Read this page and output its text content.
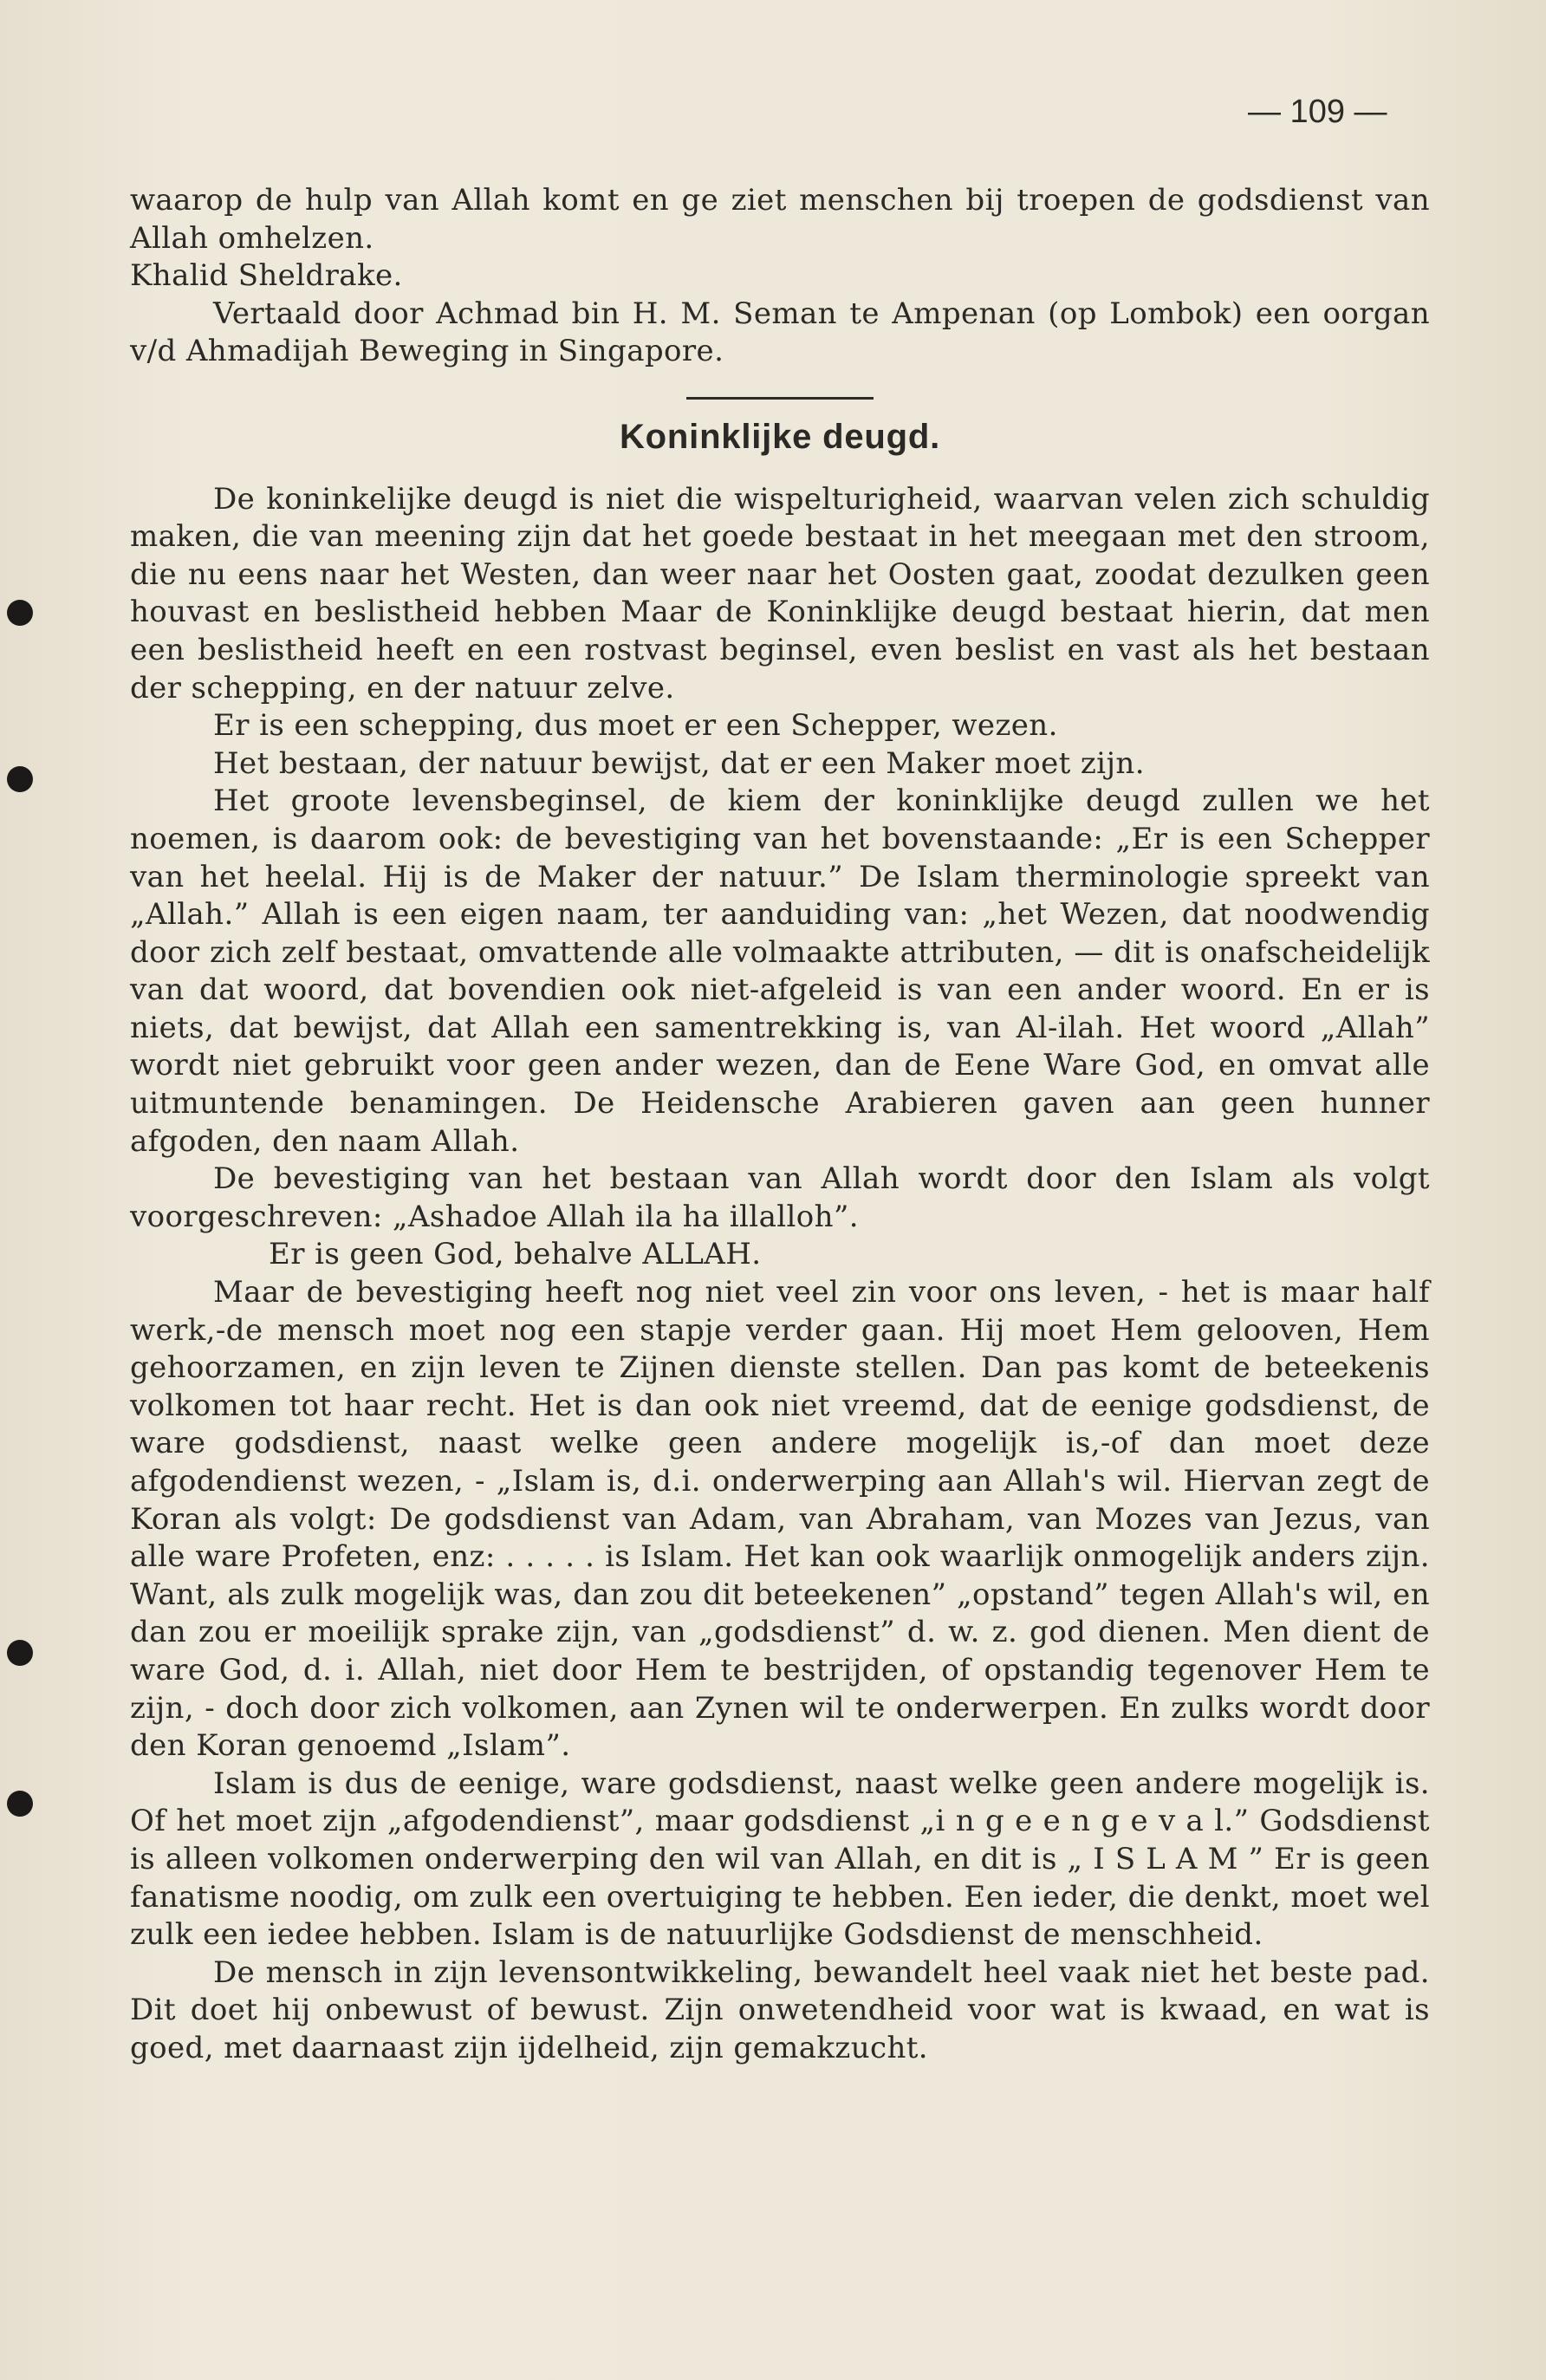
— 109 —

waarop de hulp van Allah komt en ge ziet menschen bij troepen de godsdienst van Allah omhelzen.

Khalid Sheldrake.

Vertaald door Achmad bin H. M. Seman te Ampenan (op Lombok) een oorgan v/d Ahmadijah Beweging in Singapore.

Koninklijke deugd.

De koninkelijke deugd is niet die wispelturigheid, waarvan velen zich schuldig maken, die van meening zijn dat het goede bestaat in het meegaan met den stroom, die nu eens naar het Westen, dan weer naar het Oosten gaat, zoodat dezulken geen houvast en beslistheid hebben Maar de Koninklijke deugd bestaat hierin, dat men een beslistheid heeft en een rostvast beginsel, even beslist en vast als het bestaan der schepping, en der natuur zelve.

Er is een schepping, dus moet er een Schepper, wezen.

Het bestaan, der natuur bewijst, dat er een Maker moet zijn.

Het groote levensbeginsel, de kiem der koninklijke deugd zullen we het noemen, is daarom ook: de bevestiging van het bovenstaande: „Er is een Schepper van het heelal. Hij is de Maker der natuur.” De Islam therminologie spreekt van „Allah.” Allah is een eigen naam, ter aanduiding van: „het Wezen, dat noodwendig door zich zelf bestaat, omvattende alle volmaakte attributen, — dit is onafscheidelijk van dat woord, dat bovendien ook niet-afgeleid is van een ander woord. En er is niets, dat bewijst, dat Allah een samentrekking is, van Al-ilah. Het woord „Allah” wordt niet gebruikt voor geen ander wezen, dan de Eene Ware God, en omvat alle uitmuntende benamingen. De Heidensche Arabieren gaven aan geen hunner afgoden, den naam Allah.

De bevestiging van het bestaan van Allah wordt door den Islam als volgt voorgeschreven: „Ashadoe Allah ila ha illalloh”.

Er is geen God, behalve ALLAH.

Maar de bevestiging heeft nog niet veel zin voor ons leven, - het is maar half werk,-de mensch moet nog een stapje verder gaan. Hij moet Hem gelooven, Hem gehoorzamen, en zijn leven te Zijnen dienste stellen. Dan pas komt de beteekenis volkomen tot haar recht. Het is dan ook niet vreemd, dat de eenige godsdienst, de ware godsdienst, naast welke geen andere mogelijk is,-of dan moet deze afgodendienst wezen, - „Islam is, d.i. onderwerping aan Allah's wil. Hiervan zegt de Koran als volgt: De godsdienst van Adam, van Abraham, van Mozes van Jezus, van alle ware Profeten, enz: . . . . . is Islam. Het kan ook waarlijk onmogelijk anders zijn. Want, als zulk mogelijk was, dan zou dit beteekenen” „opstand” tegen Allah's wil, en dan zou er moeilijk sprake zijn, van „godsdienst” d. w. z. god dienen. Men dient de ware God, d. i. Allah, niet door Hem te bestrijden, of opstandig tegenover Hem te zijn, - doch door zich volkomen, aan Zynen wil te onderwerpen. En zulks wordt door den Koran genoemd „Islam”.

Islam is dus de eenige, ware godsdienst, naast welke geen andere mogelijk is. Of het moet zijn „afgodendienst”, maar godsdienst „i n g e e n g e v a l.” Godsdienst is alleen volkomen onderwerping den wil van Allah, en dit is „ I S L A M ” Er is geen fanatisme noodig, om zulk een overtuiging te hebben. Een ieder, die denkt, moet wel zulk een iedee hebben. Islam is de natuurlijke Godsdienst de menschheid.

De mensch in zijn levensontwikkeling, bewandelt heel vaak niet het beste pad. Dit doet hij onbewust of bewust. Zijn onwetendheid voor wat is kwaad, en wat is goed, met daarnaast zijn ijdelheid, zijn gemakzucht.
